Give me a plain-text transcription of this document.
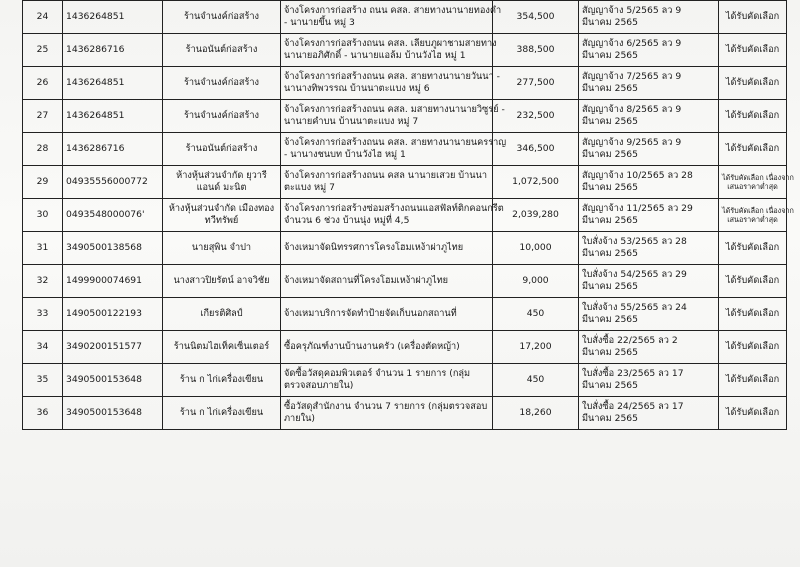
24	1436264851	ร้านจำนงค์ก่อสร้าง	จ้างโครงการก่อสร้าง ถนน คสล. สายทางนานายทองคำ
- นานายขึ้น หมู่ 3	354,500	สัญญาจ้าง 5/2565 ลว 9
มีนาคม 2565	ได้รับคัดเลือก

25	1436286716	ร้านอนันต์ก่อสร้าง	จ้างโครงการก่อสร้างถนน คสล. เลียบภูผาชามสายทาง
นานายอภิศักดิ์ - นานายแอล้ม บ้านวังไฮ หมู่ 1	388,500	สัญญาจ้าง 6/2565 ลว 9
มีนาคม 2565	ได้รับคัดเลือก

26	1436264851	ร้านจำนงค์ก่อสร้าง	จ้างโครงการก่อสร้างถนน คสล. สายทางนานายวันนา -
นานางทิพวรรณ บ้านนาตะแบง หมู่ 6	277,500	สัญญาจ้าง 7/2565 ลว 9
มีนาคม 2565	ได้รับคัดเลือก

27	1436264851	ร้านจำนงค์ก่อสร้าง	จ้างโครงการก่อสร้างถนน คสล. มสายทางนานายวิซูรย์ -
นานายคำบน บ้านนาตะแบง หมู่ 7	232,500	สัญญาจ้าง 8/2565 ลว 9
มีนาคม 2565	ได้รับคัดเลือก

28	1436286716	ร้านอนันต์ก่อสร้าง	จ้างโครงการก่อสร้างถนน คสล. สายทางนานายนครราญ
- นานางชนบท บ้านวังไฮ หมู่ 1	346,500	สัญญาจ้าง 9/2565 ลว 9
มีนาคม 2565	ได้รับคัดเลือก

29	04935556000772	ห้างหุ้นส่วนจำกัด ยุวารี แอนด์ มะนิต	จ้างโครงการก่อสร้างถนน คสล นานายเสวย บ้านนา
ตะแบง หมู่ 7	1,072,500	สัญญาจ้าง 10/2565 ลว 28
มีนาคม 2565	ได้รับคัดเลือก เนื่องจาก
เสนอราคาต่ำสุด

30	0493548000076'	ห้างหุ้นส่วนจำกัด เมืองทอง ทวีทรัพย์	จ้างโครงการก่อสร้างซ่อมสร้างถนนแอสฟัลท์ติกคอนกรีต
จำนวน 6 ช่วง บ้านนุ่ง หมู่ที่ 4,5	2,039,280	สัญญาจ้าง 11/2565 ลว 29
มีนาคม 2565	ได้รับคัดเลือก เนื่องจาก
เสนอราคาต่ำสุด

31	3490500138568	นายสุพิน จำปา	จ้างเหมาจัดนิทรรศการโครงโฮมเหง้าผ่าภูไทย	10,000	ใบสั่งจ้าง 53/2565 ลว 28
มีนาคม 2565	ได้รับคัดเลือก

32	1499900074691	นางสาวปิยรัตน์ อาจวิชัย	จ้างเหมาจัดสถานที่โครงโฮมเหง้าผ่าภูไทย	9,000	ใบสั่งจ้าง 54/2565 ลว 29
มีนาคม 2565	ได้รับคัดเลือก

33	1490500122193	เกียรติศิลป์	จ้างเหมาบริการจัดทำป้ายจัดเก็บนอกสถานที่	450	ใบสั่งจ้าง 55/2565 ลว 24
มีนาคม 2565	ได้รับคัดเลือก

34	3490200151577	ร้านนิตมไฮเท็คเซ็นเตอร์	ซื้อครุภัณฑ์งานบ้านงานครัว (เครื่องตัดหญ้า)	17,200	ใบสั่งซื้อ 22/2565 ลว 2
มีนาคม 2565	ได้รับคัดเลือก

35	3490500153648	ร้าน ก ไก่เครื่องเขียน	จัดซื้อวัสดุคอมพิวเตอร์ จำนวน 1 รายการ (กลุ่ม
ตรวจสอบภายใน)	450	ใบสั่งซื้อ 23/2565 ลว 17
มีนาคม 2565	ได้รับคัดเลือก

36	3490500153648	ร้าน ก ไก่เครื่องเขียน	ซื้อวัสดุสำนักงาน จำนวน 7 รายการ (กลุ่มตรวจสอบ
ภายใน)	18,260	ใบสั่งซื้อ 24/2565 ลว 17
มีนาคม 2565	ได้รับคัดเลือก
